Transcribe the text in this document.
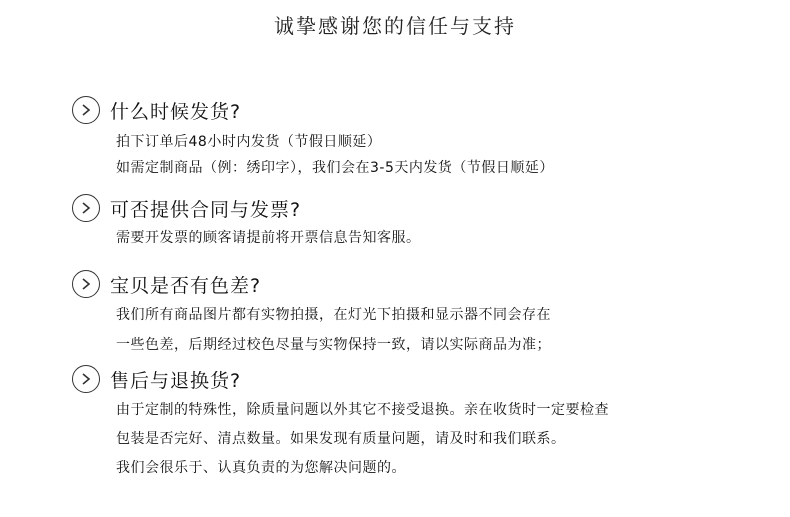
诚挚感谢您的信任与支持
什么时候发货?
拍下订单后48小时内发货（节假日顺延）
如需定制商品（例：绣印字），我们会在3-5天内发货（节假日顺延）
可否提供合同与发票?
需要开发票的顾客请提前将开票信息告知客服。
宝贝是否有色差?
我们所有商品图片都有实物拍摄，在灯光下拍摄和显示器不同会存在
一些色差，后期经过校色尽量与实物保持一致，请以实际商品为准；
售后与退换货?
由于定制的特殊性，除质量问题以外其它不接受退换。亲在收货时一定要检查
包装是否完好、清点数量。如果发现有质量问题，请及时和我们联系。
我们会很乐于、认真负责的为您解决问题的。
